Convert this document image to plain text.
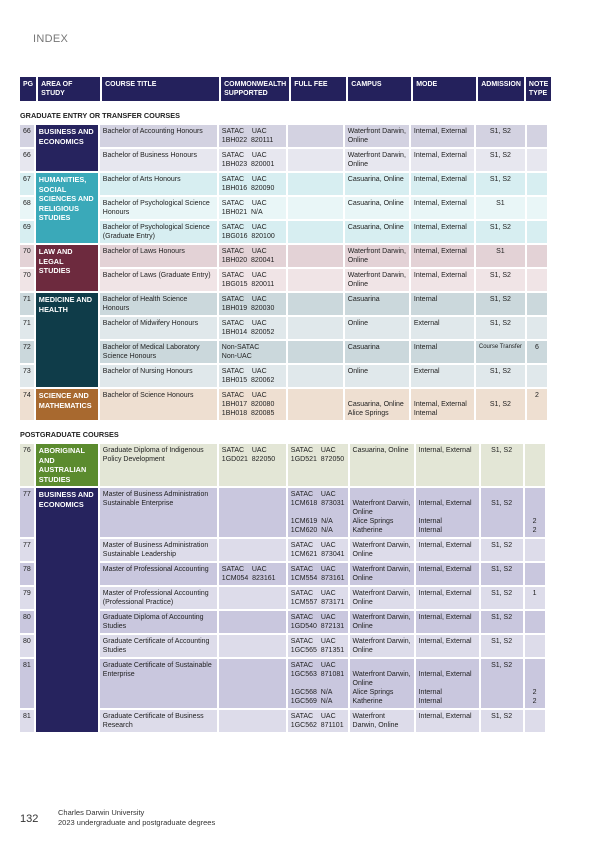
INDEX
PG	AREA OF STUDY	COURSE TITLE	COMMONWEALTH SUPPORTED	FULL FEE	CAMPUS	MODE	ADMISSION	NOTE TYPE
GRADUATE ENTRY OR TRANSFER COURSES
66	BUSINESS AND ECONOMICS	Bachelor of Accounting Honours	SATAC    UAC
1BH022  820111		Waterfront Darwin,
Online	Internal, External	S1, S2	

66		Bachelor of Business Honours	SATAC    UAC
1BH023  820001		Waterfront Darwin,
Online	Internal, External	S1, S2	

67	HUMANITIES, SOCIAL SCIENCES AND RELIGIOUS STUDIES	Bachelor of Arts Honours	SATAC    UAC
1BH016  820090		Casuarina, Online	Internal, External	S1, S2	

68		Bachelor of Psychological Science Honours	SATAC    UAC
1BH021  N/A		Casuarina, Online	Internal, External	S1	

69		Bachelor of Psychological Science (Graduate Entry)	SATAC    UAC
1BG016  820100		Casuarina, Online	Internal, External	S1, S2	

70	LAW AND LEGAL STUDIES	Bachelor of Laws Honours	SATAC    UAC
1BH020  820041		Waterfront Darwin,
Online	Internal, External	S1	

70		Bachelor of Laws (Graduate Entry)	SATAC    UAC
1BG015  820011		Waterfront Darwin,
Online	Internal, External	S1, S2	

71	MEDICINE AND HEALTH	Bachelor of Health Science Honours	SATAC    UAC
1BH019  820030		Casuarina	Internal	S1, S2	

71		Bachelor of Midwifery Honours	SATAC    UAC
1BH014  820052		Online	External	S1, S2	

72		Bachelor of Medical Laboratory Science Honours	Non-SATAC
Non-UAC		Casuarina	Internal	Course Transfer	6

73		Bachelor of Nursing Honours	SATAC    UAC
1BH015  820062		Online	External	S1, S2	

74	SCIENCE AND MATHEMATICS	Bachelor of Science Honours	SATAC    UAC
1BH017  820080
1BH018  820085		Casuarina, Online
Alice Springs	Internal, External
Internal	S1, S2	2
POSTGRADUATE COURSES
76	ABORIGINAL AND AUSTRALIAN STUDIES	Graduate Diploma of Indigenous Policy Development	SATAC    UAC
1GD021  822050	SATAC    UAC
1GD521  872050	Casuarina, Online	Internal, External	S1, S2	

77	BUSINESS AND ECONOMICS	Master of Business Administration Sustainable Enterprise		SATAC    UAC
1CM618  873031
1CM619  N/A
1CM620  N/A	Waterfront Darwin,
Online
Alice Springs
Katherine	Internal, External
Internal
Internal	S1, S2	2
2

77		Master of Business Administration Sustainable Leadership		SATAC    UAC
1CM621  873041	Waterfront Darwin,
Online	Internal, External	S1, S2	

78		Master of Professional Accounting	SATAC    UAC
1CM054  823161	SATAC    UAC
1CM554  873161	Waterfront Darwin,
Online	Internal, External	S1, S2	

79		Master of Professional Accounting (Professional Practice)		SATAC    UAC
1CM557  873171	Waterfront Darwin,
Online	Internal, External	S1, S2	1

80		Graduate Diploma of Accounting Studies		SATAC    UAC
1GD540  872131	Waterfront Darwin,
Online	Internal, External	S1, S2	

80		Graduate Certificate of Accounting Studies		SATAC    UAC
1GC565  871351	Waterfront Darwin,
Online	Internal, External	S1, S2	

81		Graduate Certificate of Sustainable Enterprise		SATAC    UAC
1GC563  871081
1GC568  N/A
1GC569  N/A	Waterfront Darwin,
Online
Alice Springs
Katherine	Internal, External
Internal
Internal	S1, S2	2
2

81		Graduate Certificate of Business Research		SATAC    UAC
1GC562  871101	Waterfront
Darwin, Online	Internal, External	S1, S2	

132
Charles Darwin University
2023 undergraduate and postgraduate degrees
